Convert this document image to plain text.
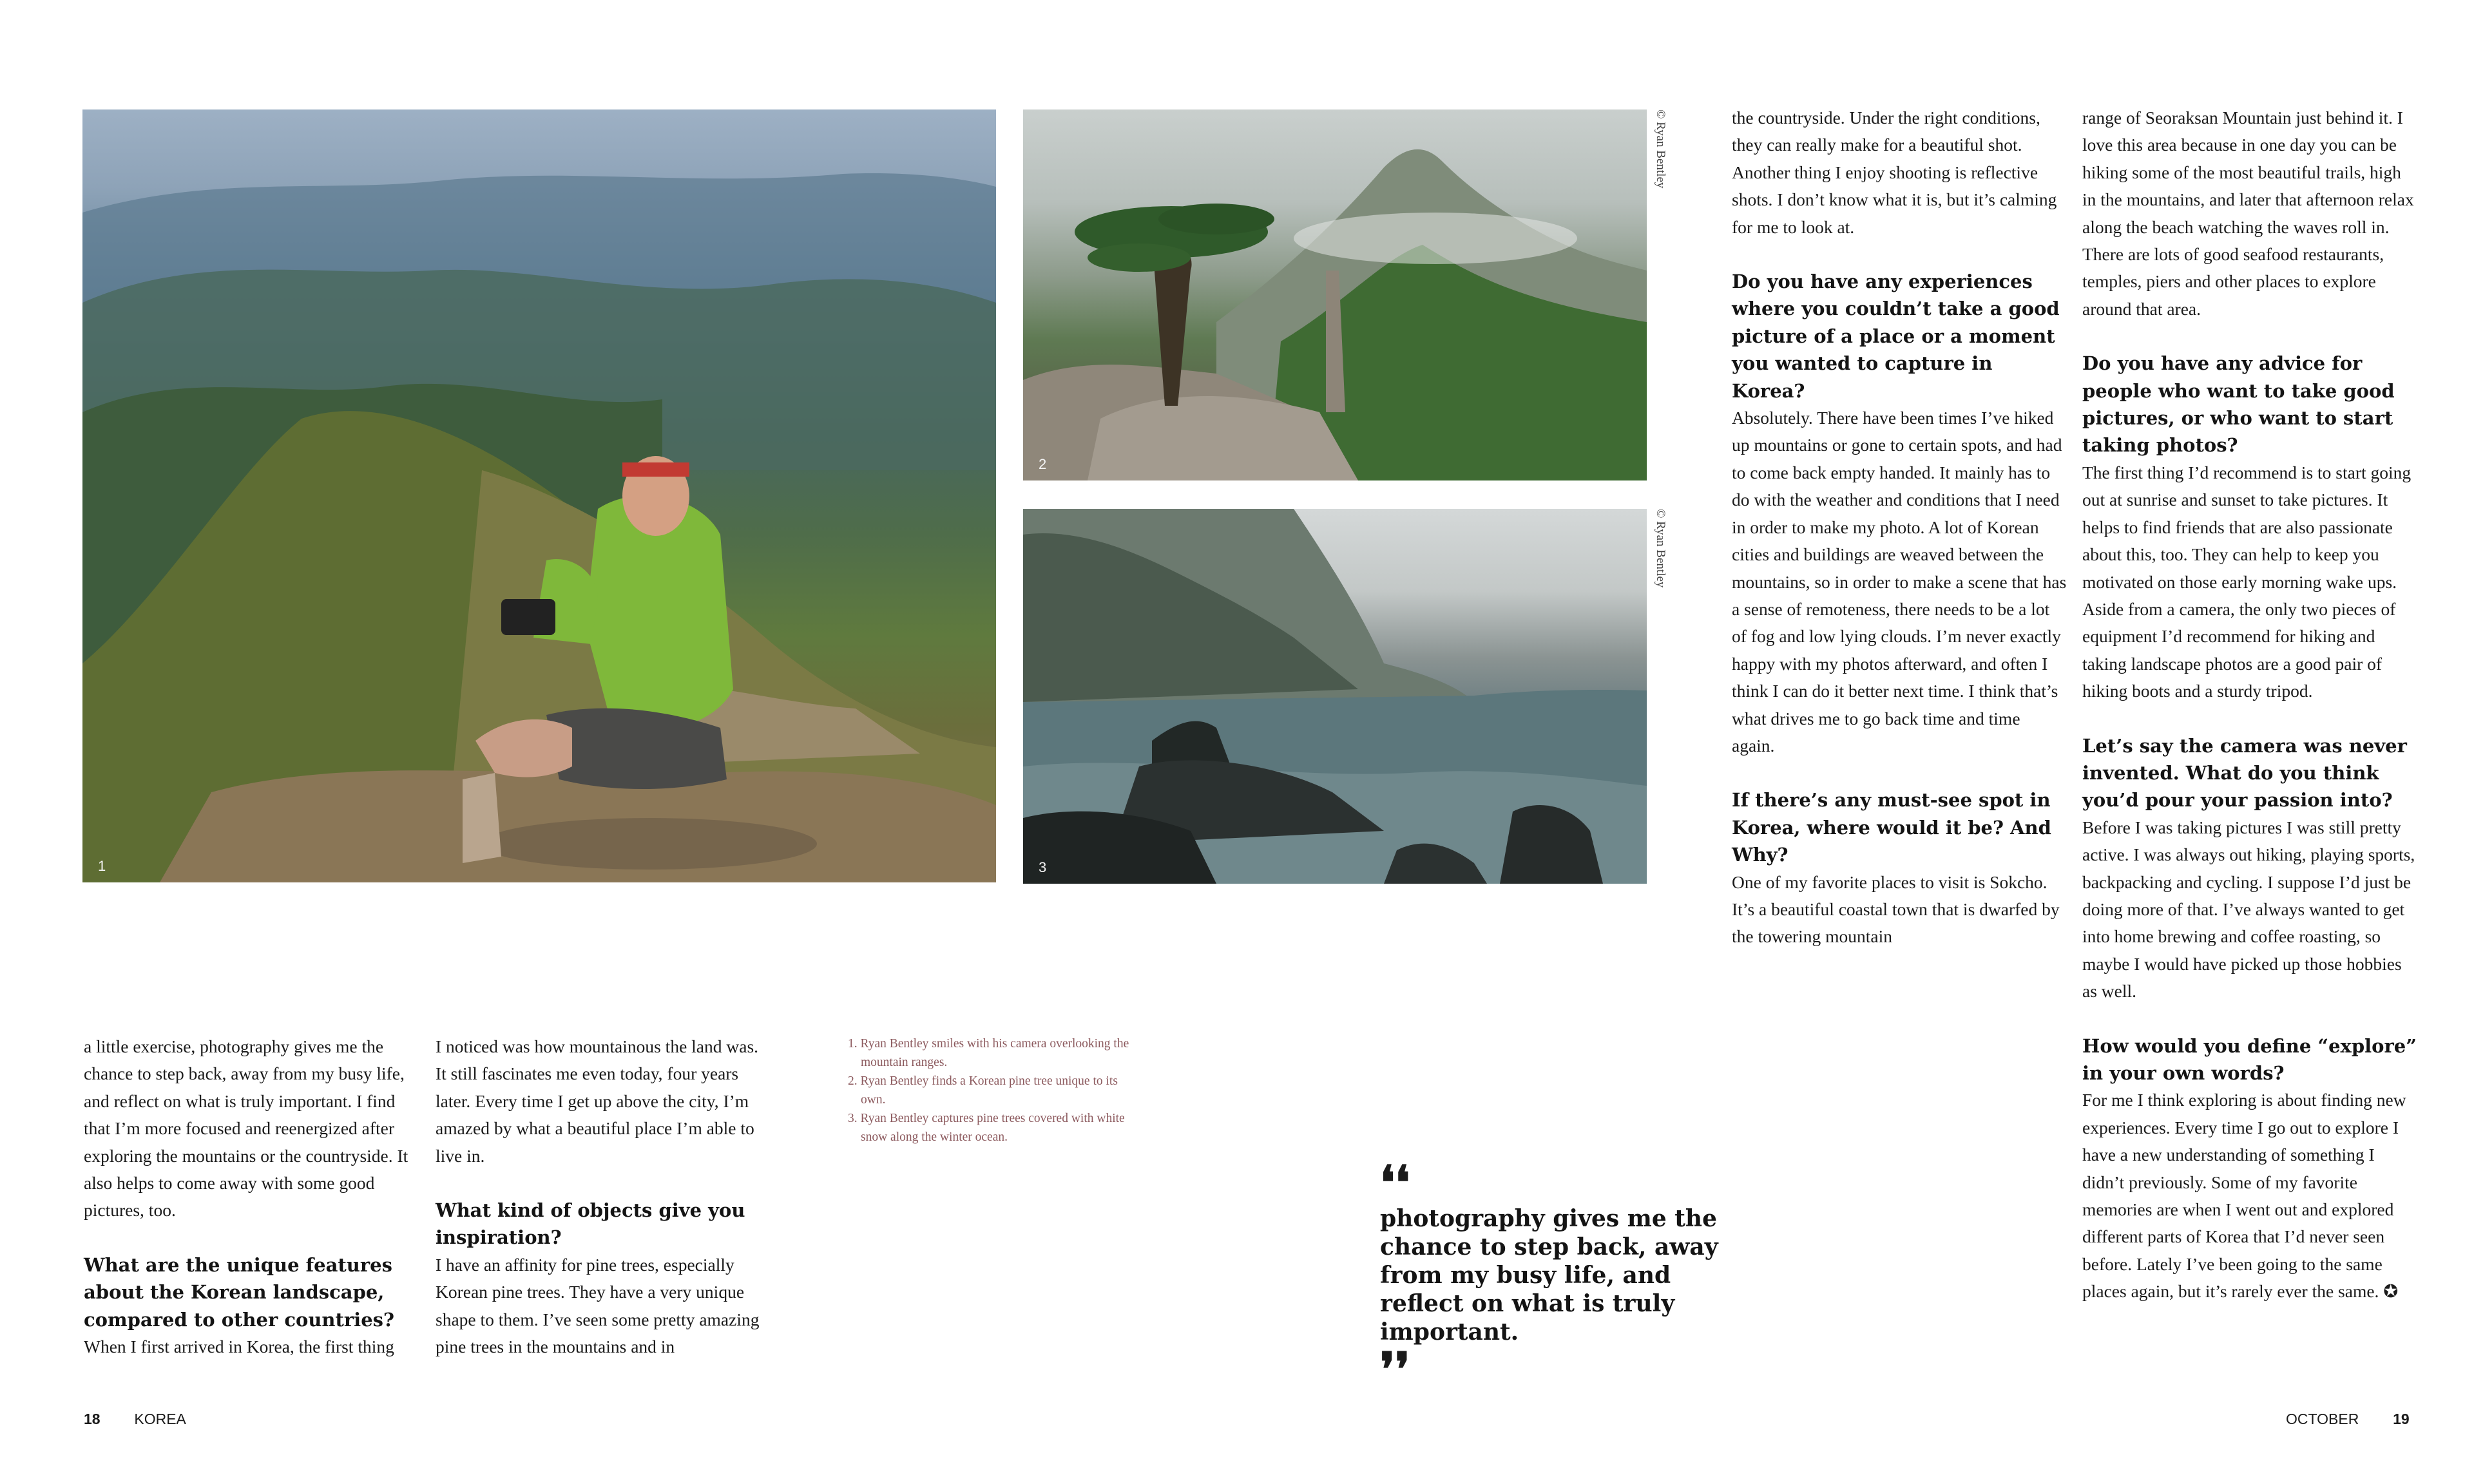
1
2
© Ryan Bentley
3
© Ryan Bentley

a little exercise, photography gives me the chance to step back, away from my busy life, and reflect on what is truly important. I find that I’m more focused and reenergized after exploring the mountains or the countryside. It also helps to come away with some good pictures, too.

What are the unique features about the Korean landscape, compared to other countries?

When I first arrived in Korea, the first thing

I noticed was how mountainous the land was. It still fascinates me even today, four years later. Every time I get up above the city, I’m amazed by what a beautiful place I’m able to live in.

What kind of objects give you inspiration?

I have an affinity for pine trees, especially Korean pine trees. They have a very unique shape to them. I’ve seen some pretty amazing pine trees in the mountains and in

1. Ryan Bentley smiles with his camera overlooking the mountain ranges.
2. Ryan Bentley finds a Korean pine tree unique to its own.
3. Ryan Bentley captures pine trees covered with white snow along the winter ocean.
❛❛
photography gives me the chance to step back, away from my busy life, and reflect on what is truly important.
❜❜

the countryside. Under the right conditions, they can really make for a beautiful shot. Another thing I enjoy shooting is reflective shots. I don’t know what it is, but it’s calming for me to look at.

Do you have any experiences where you couldn’t take a good picture of a place or a moment you wanted to capture in Korea?

Absolutely. There have been times I’ve hiked up mountains or gone to certain spots, and had to come back empty handed. It mainly has to do with the weather and conditions that I need in order to make my photo. A lot of Korean cities and buildings are weaved between the mountains, so in order to make a scene that has a sense of remoteness, there needs to be a lot of fog and low lying clouds. I’m never exactly happy with my photos afterward, and often I think I can do it better next time. I think that’s what drives me to go back time and time again.

If there’s any must-see spot in Korea, where would it be? And Why?

One of my favorite places to visit is Sokcho. It’s a beautiful coastal town that is dwarfed by the towering mountain

range of Seoraksan Mountain just behind it. I love this area because in one day you can be hiking some of the most beautiful trails, high in the mountains, and later that afternoon relax along the beach watching the waves roll in. There are lots of good seafood restaurants, temples, piers and other places to explore around that area.

Do you have any advice for people who want to take good pictures, or who want to start taking photos?

The first thing I’d recommend is to start going out at sunrise and sunset to take pictures. It helps to find friends that are also passionate about this, too. They can help to keep you motivated on those early morning wake ups. Aside from a camera, the only two pieces of equipment I’d recommend for hiking and taking landscape photos are a good pair of hiking boots and a sturdy tripod.

Let’s say the camera was never invented. What do you think you’d pour your passion into?

Before I was taking pictures I was still pretty active. I was always out hiking, playing sports, backpacking and cycling. I suppose I’d just be doing more of that. I’ve always wanted to get into home brewing and coffee roasting, so maybe I would have picked up those hobbies as well.

How would you define “explore” in your own words?

For me I think exploring is about finding new experiences. Every time I go out to explore I have a new understanding of something I didn’t previously. Some of my favorite memories are when I went out and explored different parts of Korea that I’d never seen before. Lately I’ve been going to the same places again, but it’s rarely ever the same. ✪

18 KOREA	OCTOBER 19
